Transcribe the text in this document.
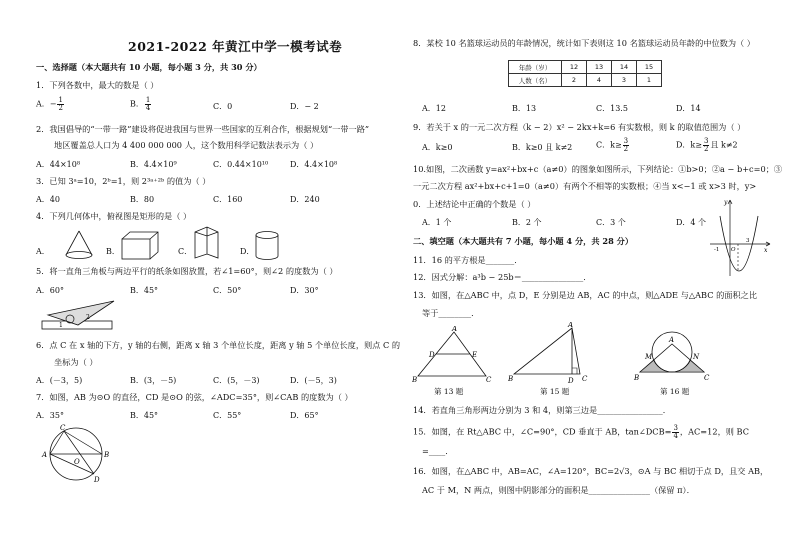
2021-2022 年黄江中学一模考试卷
一、选择题（本大题共有 10 小题，每小题 3 分，共 30 分）
1．下列各数中，最大的数是（ ）
A．− $\frac{1}{2}$	B． $\frac{1}{4}$	C．0	D．− 2
2．我国倡导的“一带一路”建设将促进我国与世界一些国家的互利合作，根据规划“一带一路”
地区覆盖总人口为 4 400 000 000 人，这个数用科学记数法表示为（ ）
A．44×10⁸	B．4.4×10⁹	C．0.44×10¹⁰	D．4.4×10⁸
3．已知 3ᵃ=10，2ᵇ=1，则 2³ᵃ⁺²ᵇ 的值为（ ）
A．40	B．80	C．160	D．240
4．下列几何体中，俯视图是矩形的是（ ）
A．	B．	C．	D．
5．将一直角三角板与两边平行的纸条如图放置，若∠1=60°，则∠2 的度数为（ ）
A．60°	B．45°	C．50°	D．30°
1
2
6．点 C 在 x 轴的下方，y 轴的右侧，距离 x 轴 3 个单位长度，距离 y 轴 5 个单位长度，则点 C 的
坐标为（ ）
A．(－3，5)	B．(3，－5)	C．(5，－3)	D．(－5，3)
7．如图，AB 为⊙O 的直径，CD 是⊙O 的弦，∠ADC=35°，则∠CAB 的度数为（ ）
A．35°	B．45°	C．55°	D．65°
C
A	B
D
O
8．某校 10 名篮球运动员的年龄情况，统计如下表则这 10 名篮球运动员年龄的中位数为（ ）
年龄（岁）	12	13	14	15
人数（名）	2	4	3	1
A．12	B．13	C．13.5	D．14
9．若关于 x 的一元二次方程（k − 2）x² − 2kx+k=6 有实数根，则 k 的取值范围为（ ）
A．k≥0	B．k≥0 且 k≠2	C．$k\ge \frac{3}{2}$	D．$k\ge \frac{3}{2}$ 且 k≠2
10.如图，二次函数 y=ax²+bx+c（a≠0）的图象如图所示，下列结论：①b>0；②a − b+c=0；③
一元二次方程 ax²+bx+c+1=0（a≠0）有两个不相等的实数根；④当 x<−1 或 x>3 时，y>
0．上述结论中正确的个数是（ ）
A．1 个	B．2 个	C．3 个	D．4 个
y
x
O
-1
3
二、填空题（本大题共有 7 小题，每小题 4 分，共 28 分）
11．16 的平方根是_______．
12．因式分解：a³b − 25b＝_______________．
13．如图，在△ABC 中，点 D，E 分别是边 AB，AC 的中点，则△ADE 与△ABC 的面积之比
等于________．
A
B	C
D	E
第 13 题
A
B	C
D
第 15 题
A
B	C
M	N
第 16 题
14．若直角三角形两边分别为 3 和 4，则第三边是________________．
15．如图，在 Rt△ABC 中，∠C=90°，CD 垂直于 AB，tan∠DCB= $\frac{3}{4}$ ，AC=12，则 BC
=____．
16．如图，在△ABC 中，AB=AC，∠A=120°，BC=2√3，⊙A 与 BC 相切于点 D，且交 AB，
AC 于 M，N 两点，则图中阴影部分的面积是_______________（保留 π）．
